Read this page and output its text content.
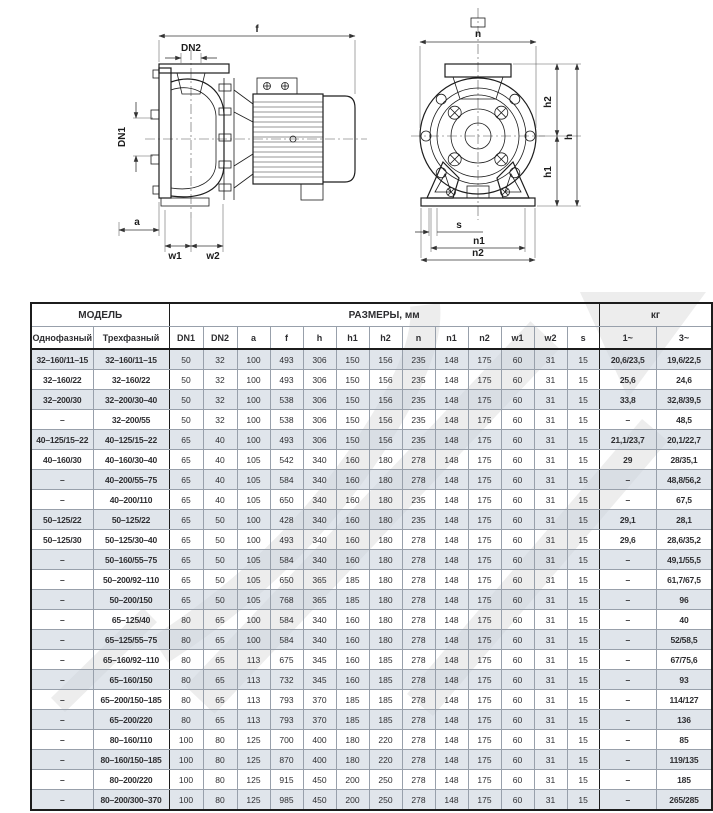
f
DN2
DN1
a
w1 w2
n
h2
h1
h
s
n1
n2
МОДЕЛЬ		РАЗМЕРЫ, мм													кг	
Однофазный	Трехфазный	DN1	DN2	a	f	h	h1	h2	n	n1	n2	w1	w2	s	1~	3~
32–160/11–15	32–160/11–15	50	32	100	493	306	150	156	235	148	175	60	31	15	20,6/23,5	19,6/22,5
32–160/22	32–160/22	50	32	100	493	306	150	156	235	148	175	60	31	15	25,6	24,6
32–200/30	32–200/30–40	50	32	100	538	306	150	156	235	148	175	60	31	15	33,8	32,8/39,5
–	32–200/55	50	32	100	538	306	150	156	235	148	175	60	31	15	–	48,5
40–125/15–22	40–125/15–22	65	40	100	493	306	150	156	235	148	175	60	31	15	21,1/23,7	20,1/22,7
40–160/30	40–160/30–40	65	40	105	542	340	160	180	278	148	175	60	31	15	29	28/35,1
–	40–200/55–75	65	40	105	584	340	160	180	278	148	175	60	31	15	–	48,8/56,2
–	40–200/110	65	40	105	650	340	160	180	235	148	175	60	31	15	–	67,5
50–125/22	50–125/22	65	50	100	428	340	160	180	235	148	175	60	31	15	29,1	28,1
50–125/30	50–125/30–40	65	50	100	493	340	160	180	278	148	175	60	31	15	29,6	28,6/35,2
–	50–160/55–75	65	50	105	584	340	160	180	278	148	175	60	31	15	–	49,1/55,5
–	50–200/92–110	65	50	105	650	365	185	180	278	148	175	60	31	15	–	61,7/67,5
–	50–200/150	65	50	105	768	365	185	180	278	148	175	60	31	15	–	96
–	65–125/40	80	65	100	584	340	160	180	278	148	175	60	31	15	–	40
–	65–125/55–75	80	65	100	584	340	160	180	278	148	175	60	31	15	–	52/58,5
–	65–160/92–110	80	65	113	675	345	160	185	278	148	175	60	31	15	–	67/75,6
–	65–160/150	80	65	113	732	345	160	185	278	148	175	60	31	15	–	93
–	65–200/150–185	80	65	113	793	370	185	185	278	148	175	60	31	15	–	114/127
–	65–200/220	80	65	113	793	370	185	185	278	148	175	60	31	15	–	136
–	80–160/110	100	80	125	700	400	180	220	278	148	175	60	31	15	–	85
–	80–160/150–185	100	80	125	870	400	180	220	278	148	175	60	31	15	–	119/135
–	80–200/220	100	80	125	915	450	200	250	278	148	175	60	31	15	–	185
–	80–200/300–370	100	80	125	985	450	200	250	278	148	175	60	31	15	–	265/285
